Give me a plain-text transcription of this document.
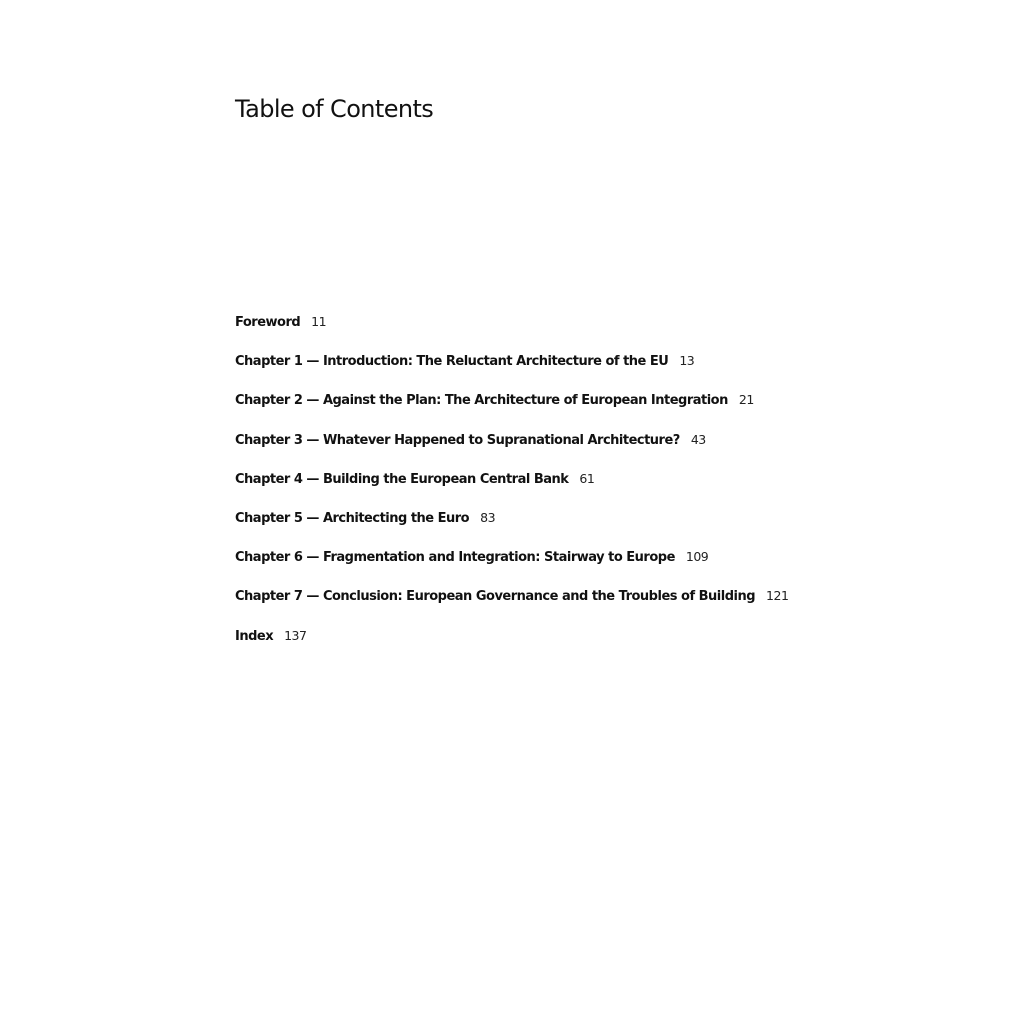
Table of Contents
Foreword 11
Chapter 1 — Introduction: The Reluctant Architecture of the EU 13
Chapter 2 — Against the Plan: The Architecture of European Integration 21
Chapter 3 — Whatever Happened to Supranational Architecture? 43
Chapter 4 — Building the European Central Bank 61
Chapter 5 — Architecting the Euro 83
Chapter 6 — Fragmentation and Integration: Stairway to Europe 109
Chapter 7 — Conclusion: European Governance and the Troubles of Building 121
Index 137
